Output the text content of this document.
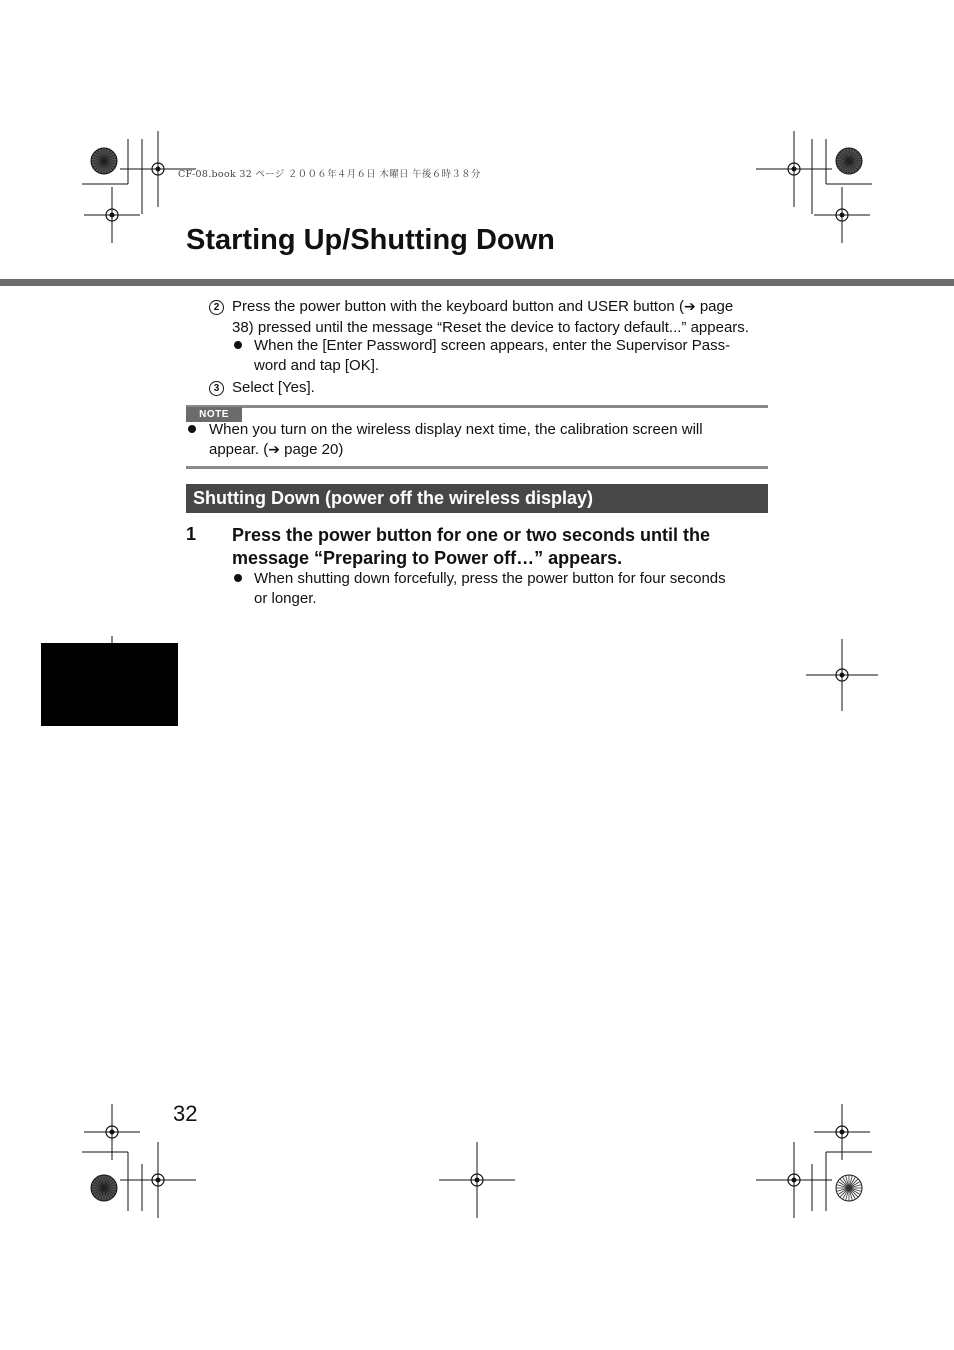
CF-08.book 32 ページ ２００６年４月６日 木曜日 午後６時３８分
Starting Up/Shutting Down
2 Press the power button with the keyboard button and USER button (➔ page
38) pressed until the message “Reset the device to factory default...” appears.
When the [Enter Password] screen appears, enter the Supervisor Pass-
word and tap [OK].
3 Select [Yes].
NOTE
When you turn on the wireless display next time, the calibration screen will
appear. (➔ page 20)
Shutting Down (power off the wireless display)
1 Press the power button for one or two seconds until the message “Preparing to Power off…” appears.
When shutting down forcefully, press the power button for four seconds
or longer.
32
